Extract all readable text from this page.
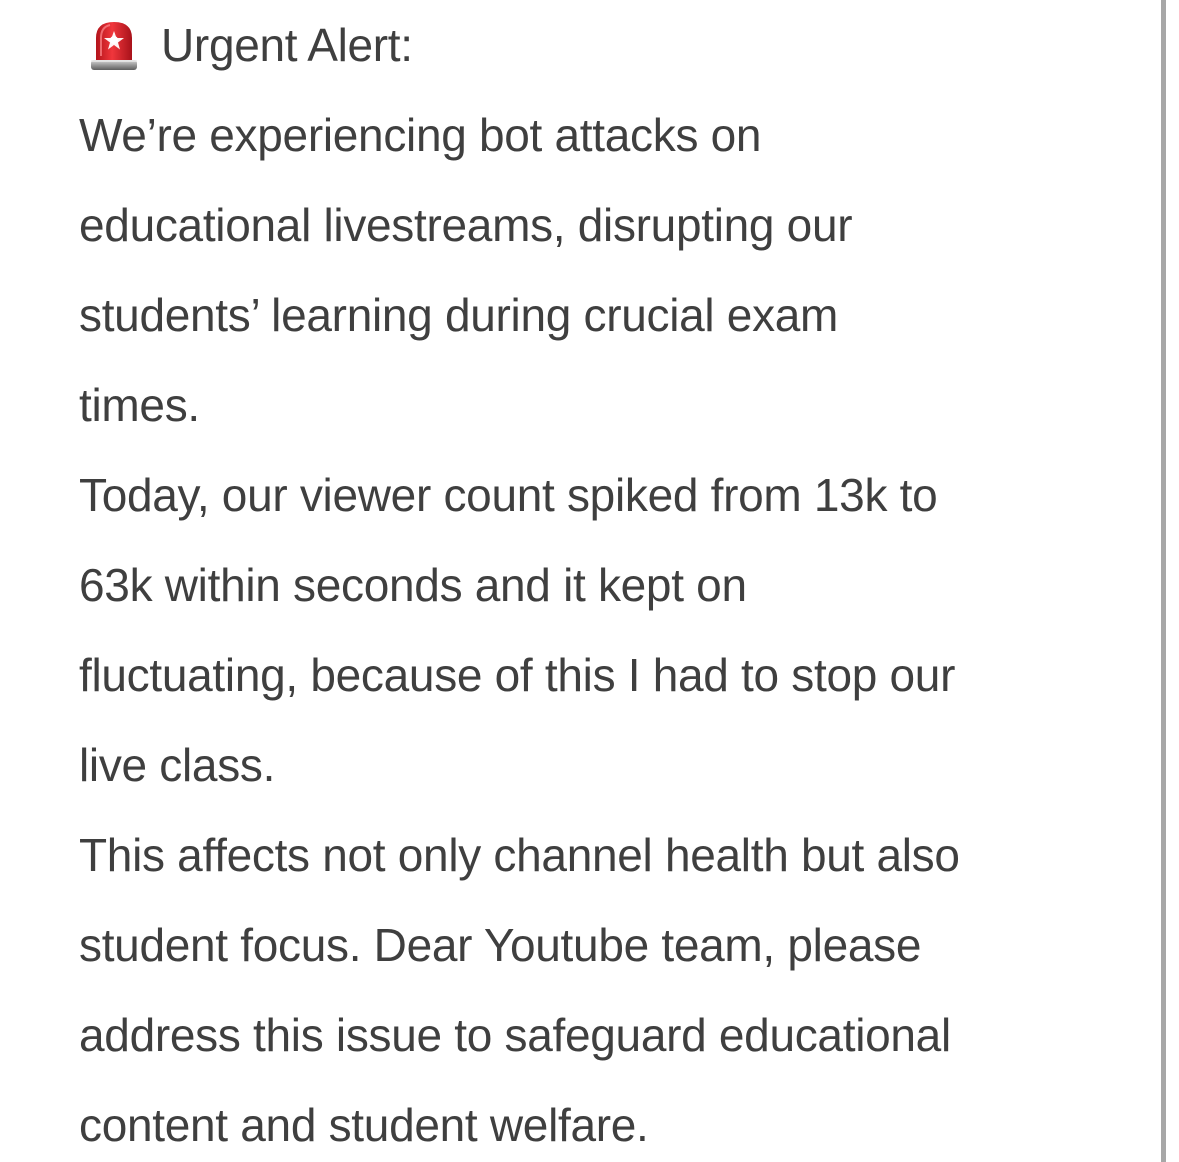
Urgent Alert:
We’re experiencing bot attacks on
educational livestreams, disrupting our
students’ learning during crucial exam
times.
Today, our viewer count spiked from 13k to
63k within seconds and it kept on
fluctuating, because of this I had to stop our
live class.
This affects not only channel health but also
student focus. Dear Youtube team, please
address this issue to safeguard educational
content and student welfare.
